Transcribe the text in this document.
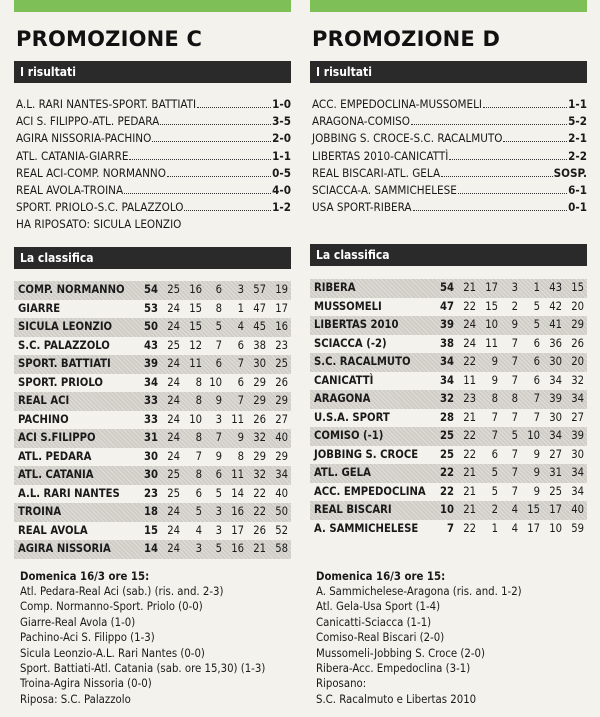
PROMOZIONE C
I risultati
A.L. RARI NANTES-SPORT. BATTIATI	1-0
ACI S. FILIPPO-ATL. PEDARA	3-5
AGIRA NISSORIA-PACHINO	2-0
ATL. CATANIA-GIARRE	1-1
REAL ACI-COMP. NORMANNO	0-5
REAL AVOLA-TROINA	4-0
SPORT. PRIOLO-S.C. PALAZZOLO	1-2
HA RIPOSATO: SICULA LEONZIO
La classifica
COMP. NORMANNO	54 25 16	6	3 57 19
GIARRE	53 24 15	8	1 47 17
SICULA LEONZIO	50 24 15	5	4 45 16
S.C. PALAZZOLO	43 25 12	7	6 38 23
SPORT. BATTIATI	39 24 11	6	7 30 25
SPORT. PRIOLO	34 24	8 10	6 29 26
REAL ACI	33 24	8	9	7 29 29
PACHINO	33 24 10	3 11 26 27
ACI S.FILIPPO	31 24	8	7	9 32 40
ATL. PEDARA	30 24	7	9	8 29 29
ATL. CATANIA	30 25	8	6 11 32 34
A.L. RARI NANTES	23 25	6	5 14 22 40
TROINA	18 24	5	3 16 22 50
REAL AVOLA	15 24	4	3 17 26 52
AGIRA NISSORIA	14 24	3	5 16 21 58
Domenica 16/3 ore 15:
Atl. Pedara-Real Aci (sab.) (ris. and. 2-3)
Comp. Normanno-Sport. Priolo (0-0)
Giarre-Real Avola (1-0)
Pachino-Aci S. Filippo (1-3)
Sicula Leonzio-A.L. Rari Nantes (0-0)
Sport. Battiati-Atl. Catania (sab. ore 15,30) (1-3)
Troina-Agira Nissoria (0-0)
Riposa: S.C. Palazzolo
PROMOZIONE D
I risultati
ACC. EMPEDOCLINA-MUSSOMELI	1-1
ARAGONA-COMISO	5-2
JOBBING S. CROCE-S.C. RACALMUTO	2-1
LIBERTAS 2010-CANICATTÌ	2-2
REAL BISCARI-ATL. GELA	SOSP.
SCIACCA-A. SAMMICHELESE	6-1
USA SPORT-RIBERA	0-1
La classifica
RIBERA	54 21 17	3	1 43 15
MUSSOMELI	47 22 15	2	5 42 20
LIBERTAS 2010	39 24 10	9	5 41 29
SCIACCA (-2)	38 24 11	7	6 36 26
S.C. RACALMUTO	34 22	9	7	6 30 20
CANICATTÌ	34 11	9	7	6 34 32
ARAGONA	32 23	8	8	7 39 34
U.S.A. SPORT	28 21	7	7	7 30 27
COMISO (-1)	25 22	7	5 10 34 39
JOBBING S. CROCE	25 22	6	7	9 27 30
ATL. GELA	22 21	5	7	9 31 34
ACC. EMPEDOCLINA	22 21	5	7	9 25 34
REAL BISCARI	10 21	2	4 15 17 40
A. SAMMICHELESE	7 22	1	4 17 10 59
Domenica 16/3 ore 15:
A. Sammichelese-Aragona (ris. and. 1-2)
Atl. Gela-Usa Sport (1-4)
Canicatti-Sciacca (1-1)
Comiso-Real Biscari (2-0)
Mussomeli-Jobbing S. Croce (2-0)
Ribera-Acc. Empedoclina (3-1)
Riposano:
S.C. Racalmuto e Libertas 2010
